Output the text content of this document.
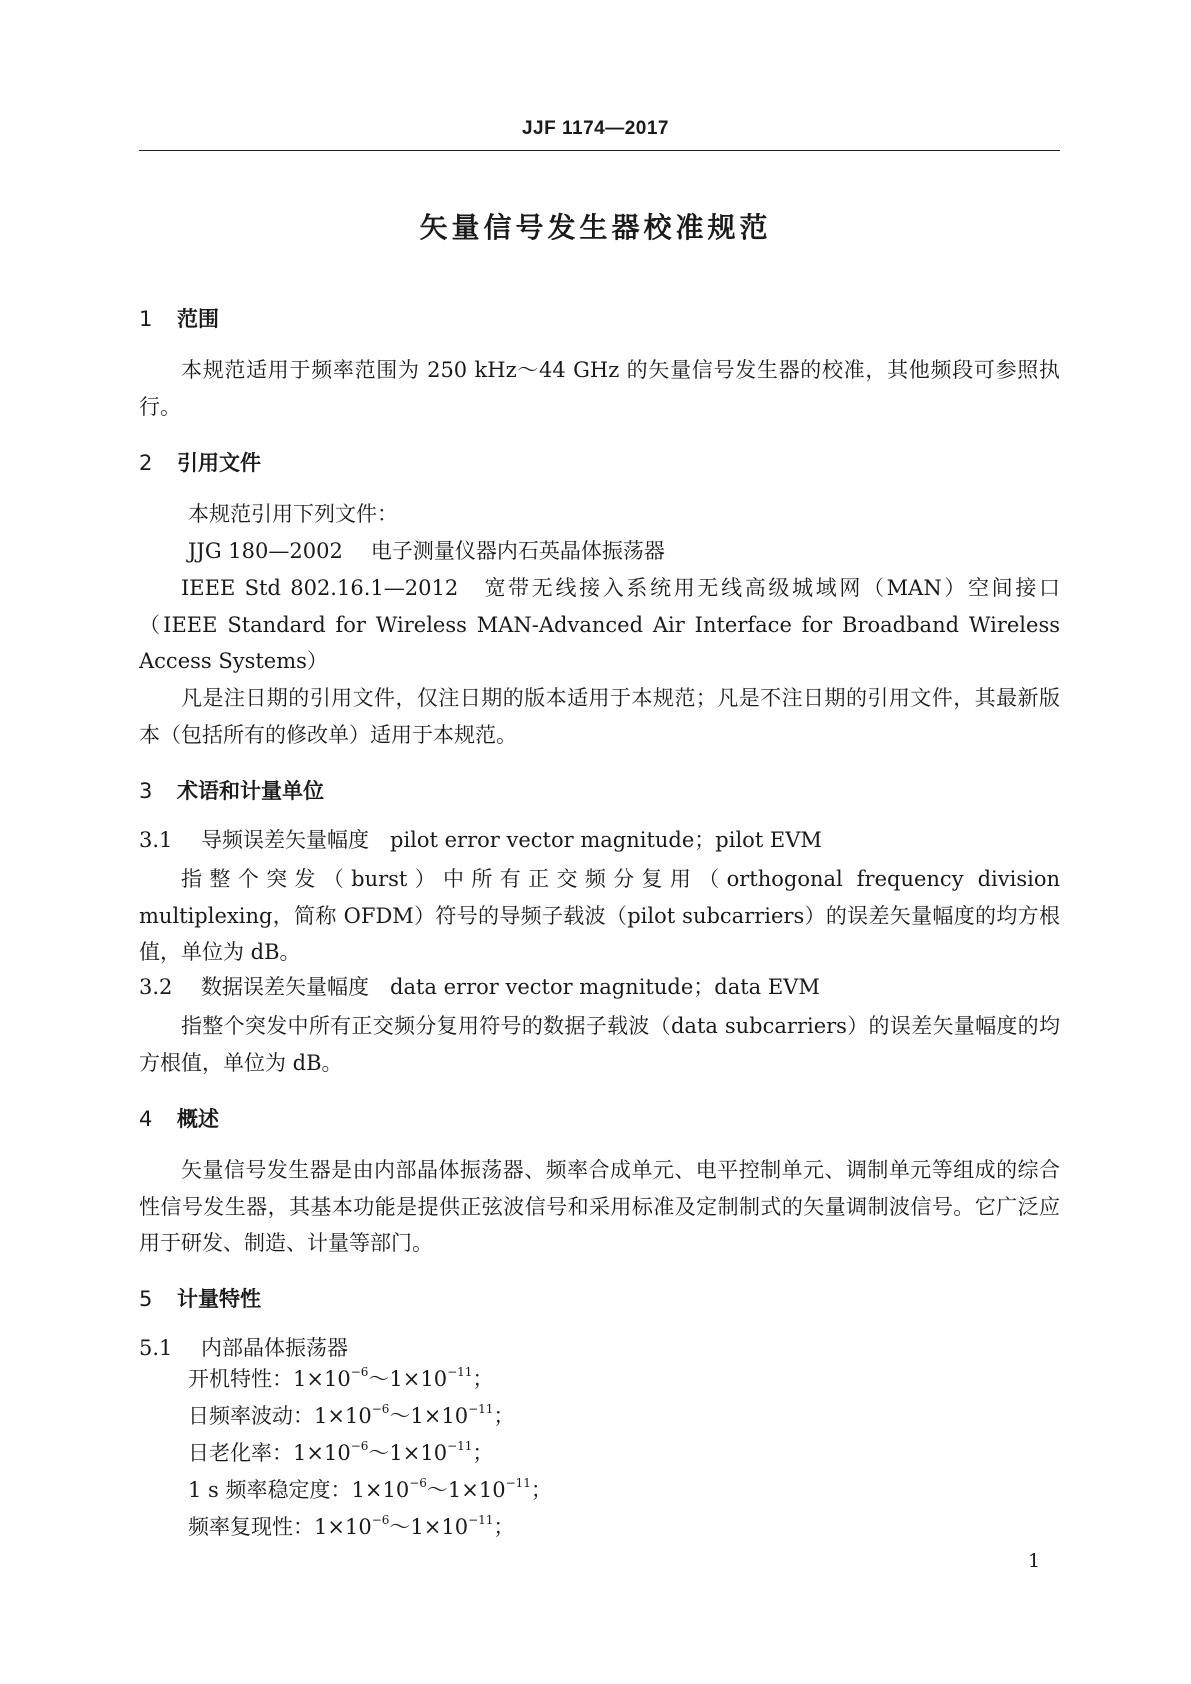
JJF 1174—2017
矢量信号发生器校准规范
1 范围

本规范适用于频率范围为 250 kHz～44 GHz 的矢量信号发生器的校准，其他频段可参照执行。

2 引用文件
本规范引用下列文件：
JJG 180—2002 电子测量仪器内石英晶体振荡器

IEEE Std 802.16.1—2012　宽带无线接入系统用无线高级城域网（MAN）空间接口（IEEE Standard for Wireless MAN-Advanced Air Interface for Broadband Wireless Access Systems）

凡是注日期的引用文件，仅注日期的版本适用于本规范；凡是不注日期的引用文件，其最新版本（包括所有的修改单）适用于本规范。

3 术语和计量单位
3.1 导频误差矢量幅度　pilot error vector magnitude；pilot EVM

指整个突发（burst）中所有正交频分复用（orthogonal frequency division multiplexing，简称 OFDM）符号的导频子载波（pilot subcarriers）的误差矢量幅度的均方根值，单位为 dB。

3.2 数据误差矢量幅度　data error vector magnitude；data EVM

指整个突发中所有正交频分复用符号的数据子载波（data subcarriers）的误差矢量幅度的均方根值，单位为 dB。

4 概述

矢量信号发生器是由内部晶体振荡器、频率合成单元、电平控制单元、调制单元等组成的综合性信号发生器，其基本功能是提供正弦波信号和采用标准及定制制式的矢量调制波信号。它广泛应用于研发、制造、计量等部门。

5 计量特性
5.1 内部晶体振荡器
开机特性：$1\times 10^{-6}\sim 1\times 10^{-11}$；
日频率波动：$1\times 10^{-6}\sim 1\times 10^{-11}$；
日老化率：$1\times 10^{-6}\sim 1\times 10^{-11}$；
1 s 频率稳定度：$1\times 10^{-6}\sim 1\times 10^{-11}$；
频率复现性：$1\times 10^{-6}\sim 1\times 10^{-11}$；
1
